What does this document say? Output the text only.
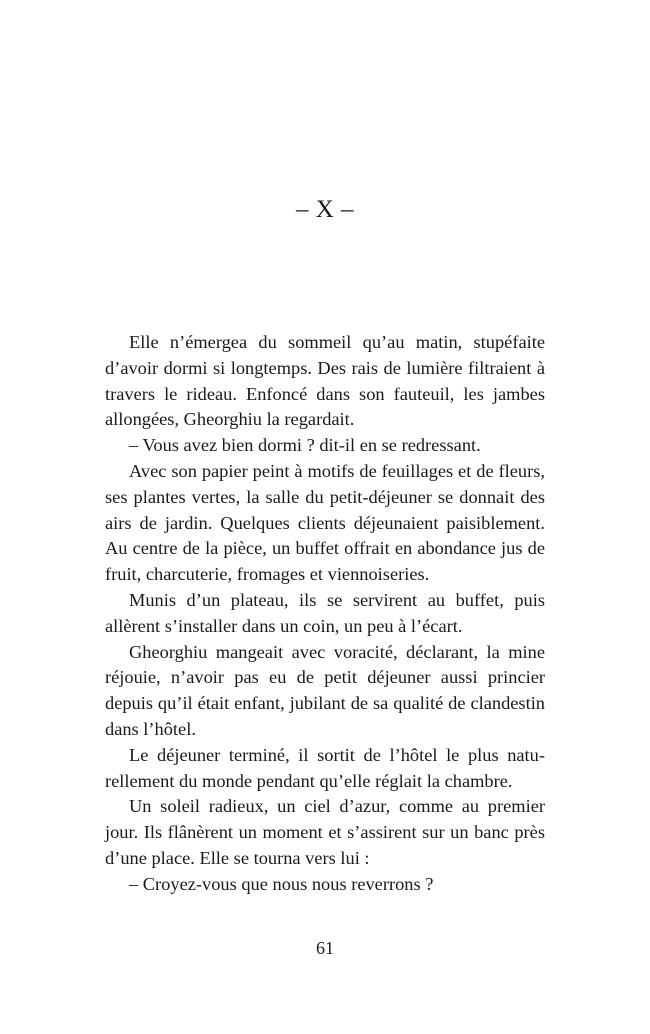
– X –

Elle n’émergea du sommeil qu’au matin, stupéfaite d’avoir dormi si longtemps. Des rais de lumière filtraient à travers le rideau. Enfoncé dans son fauteuil, les jambes allongées, Gheorghiu la regardait.

– Vous avez bien dormi ? dit-il en se redressant.

Avec son papier peint à motifs de feuillages et de fleurs, ses plantes vertes, la salle du petit-déjeuner se donnait des airs de jardin. Quelques clients déjeunaient paisiblement. Au centre de la pièce, un buffet offrait en abondance jus de fruit, charcuterie, fromages et viennoiseries.

Munis d’un plateau, ils se servirent au buffet, puis allèrent s’installer dans un coin, un peu à l’écart.

Gheorghiu mangeait avec voracité, déclarant, la mine réjouie, n’avoir pas eu de petit déjeuner aussi princier depuis qu’il était enfant, jubilant de sa qualité de clandestin dans l’hôtel.

Le déjeuner terminé, il sortit de l’hôtel le plus naturellement du monde pendant qu’elle réglait la chambre.

Un soleil radieux, un ciel d’azur, comme au premier jour. Ils flânèrent un moment et s’assirent sur un banc près d’une place. Elle se tourna vers lui :

– Croyez-vous que nous nous reverrons ?

61
